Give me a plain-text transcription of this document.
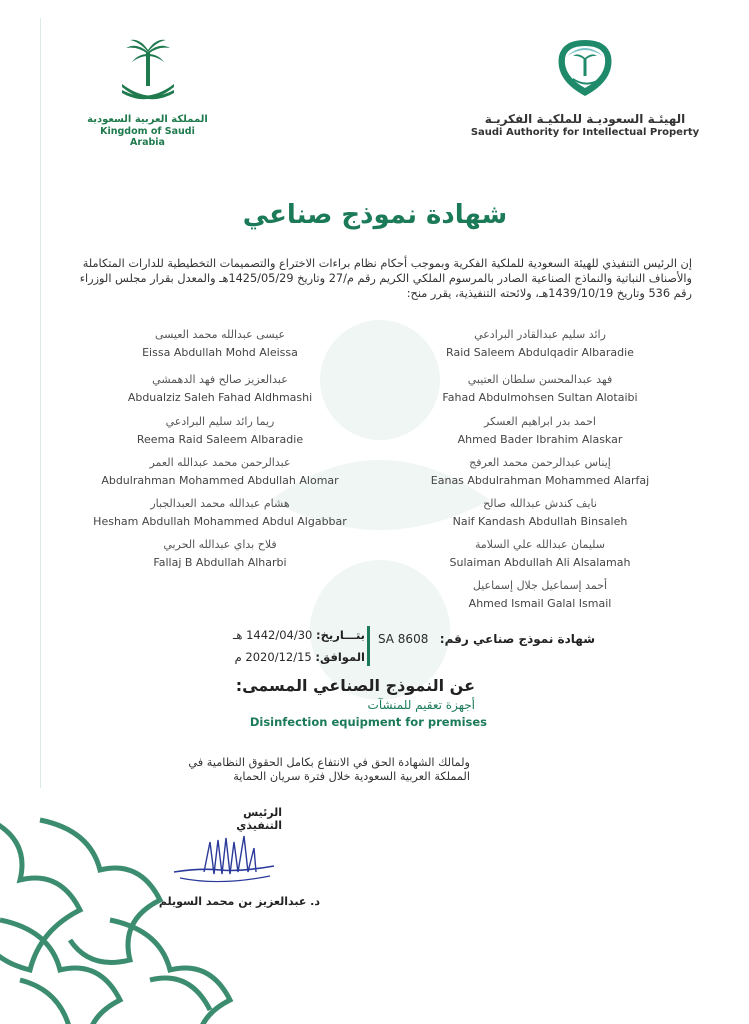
المملكة العربية السعودية
Kingdom of Saudi Arabia
الهيئـة السعوديـة للملكيـة الفكريـة
Saudi Authority for Intellectual Property
شهادة نموذج صناعي
إن الرئيس التنفيذي للهيئة السعودية للملكية الفكرية وبموجب أحكام نظام براءات الاختراع والتصميمات التخطيطية للدارات المتكاملة والأصناف النباتية والنماذج الصناعية الصادر بالمرسوم الملكي الكريم رقم م/27 وتاريخ 1425/05/29هـ والمعدل بقرار مجلس الوزراء رقم 536 وتاريخ 1439/10/19هـ، ولائحته التنفيذية، يقرر منح:
رائد سليم عبدالقادر البرادعي
Raid Saleem Abdulqadir Albaradie
عيسى عبدالله محمد العيسى
Eissa Abdullah Mohd Aleissa
فهد عبدالمحسن سلطان العتيبي
Fahad Abdulmohsen Sultan Alotaibi
عبدالعزيز صالح فهد الدهمشي
Abdualziz Saleh Fahad Aldhmashi
احمد بدر ابراهيم العسكر
Ahmed Bader Ibrahim Alaskar
ريما رائد سليم البرادعي
Reema Raid Saleem Albaradie
إيناس عبدالرحمن محمد العرفج
Eanas Abdulrahman Mohammed Alarfaj
عبدالرحمن محمد عبدالله العمر
Abdulrahman Mohammed Abdullah Alomar
نايف كندش عبدالله صالح
Naif Kandash Abdullah Binsaleh
هشام عبدالله محمد العبدالجبار
Hesham Abdullah Mohammed Abdul Algabbar
سليمان عبدالله علي السلامة
Sulaiman Abdullah Ali Alsalamah
فلاح بداي عبدالله الحربي
Fallaj B Abdullah Alharbi
أحمد إسماعيل جلال إسماعيل
Ahmed Ismail Galal Ismail
بتـــاريخ: 1442/04/30 هـ
الموافق: 2020/12/15 م
شهادة نموذج صناعي رقم:   SA 8608
عن النموذج الصناعي المسمى:
أجهزة تعقيم للمنشآت
Disinfection equipment for premises
ولمالك الشهادة الحق في الانتفاع بكامل الحقوق النظامية في المملكة العربية السعودية خلال فترة سريان الحماية
الرئيس التنفيذي
د. عبدالعزيز بن محمد السويلم
